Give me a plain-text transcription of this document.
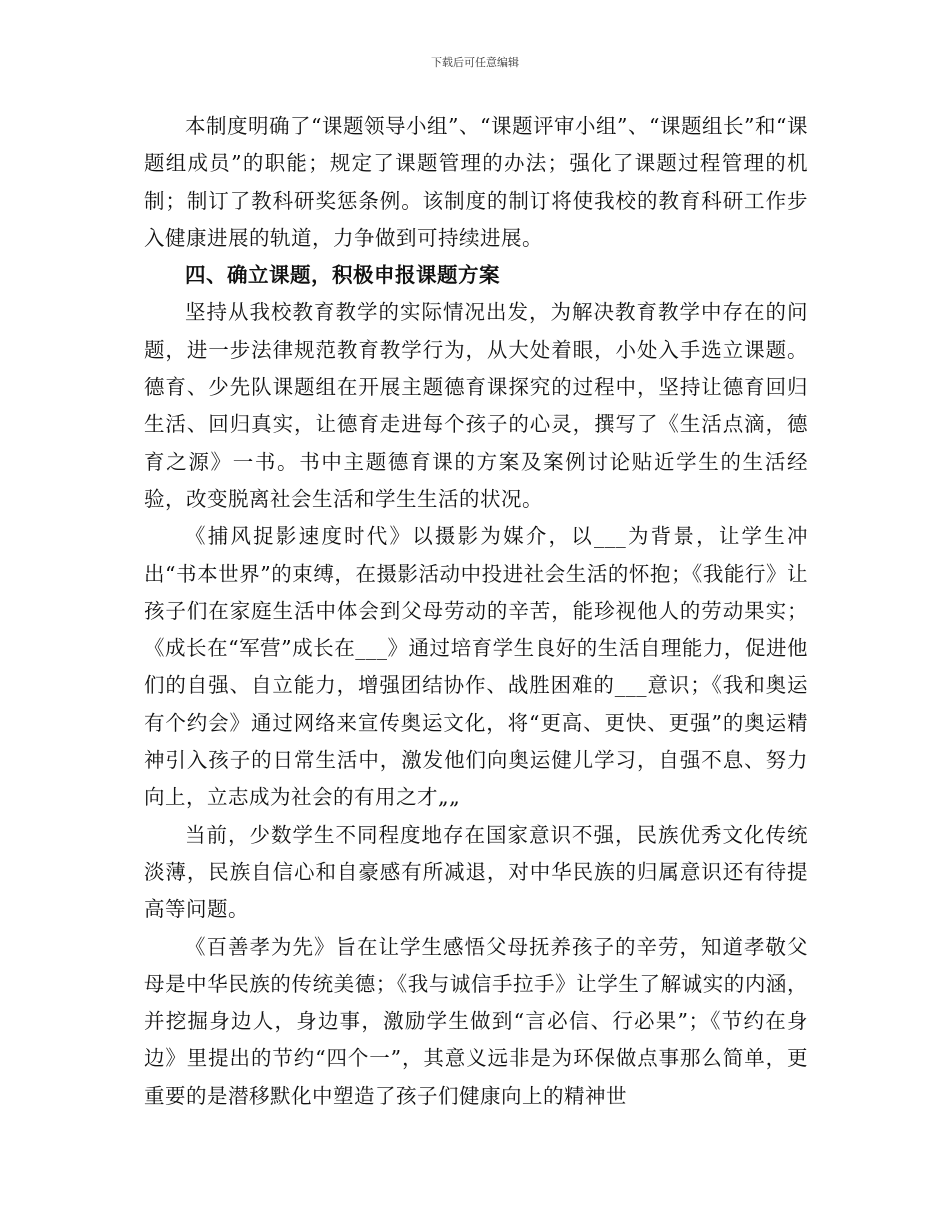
下载后可任意编辑

本制度明确了“课题领导小组”、“课题评审小组”、“课题组长”和“课题组成员”的职能；规定了课题管理的办法；强化了课题过程管理的机制；制订了教科研奖惩条例。该制度的制订将使我校的教育科研工作步入健康进展的轨道，力争做到可持续进展。

四、确立课题，积极申报课题方案

坚持从我校教育教学的实际情况出发，为解决教育教学中存在的问题，进一步法律规范教育教学行为，从大处着眼，小处入手选立课题。德育、少先队课题组在开展主题德育课探究的过程中，坚持让德育回归生活、回归真实，让德育走进每个孩子的心灵，撰写了《生活点滴，德育之源》一书。书中主题德育课的方案及案例讨论贴近学生的生活经验，改变脱离社会生活和学生生活的状况。

《捕风捉影速度时代》以摄影为媒介，以___为背景，让学生冲出“书本世界”的束缚，在摄影活动中投进社会生活的怀抱；《我能行》让孩子们在家庭生活中体会到父母劳动的辛苦，能珍视他人的劳动果实；《成长在“军营”成长在___》通过培育学生良好的生活自理能力，促进他们的自强、自立能力，增强团结协作、战胜困难的___意识；《我和奥运有个约会》通过网络来宣传奥运文化，将“更高、更快、更强”的奥运精神引入孩子的日常生活中，激发他们向奥运健儿学习，自强不息、努力向上，立志成为社会的有用之才„„

当前，少数学生不同程度地存在国家意识不强，民族优秀文化传统淡薄，民族自信心和自豪感有所减退，对中华民族的归属意识还有待提高等问题。

《百善孝为先》旨在让学生感悟父母抚养孩子的辛劳，知道孝敬父母是中华民族的传统美德；《我与诚信手拉手》让学生了解诚实的内涵，并挖掘身边人，身边事，激励学生做到“言必信、行必果”；《节约在身边》里提出的节约“四个一”，其意义远非是为环保做点事那么简单，更重要的是潜移默化中塑造了孩子们健康向上的精神世
